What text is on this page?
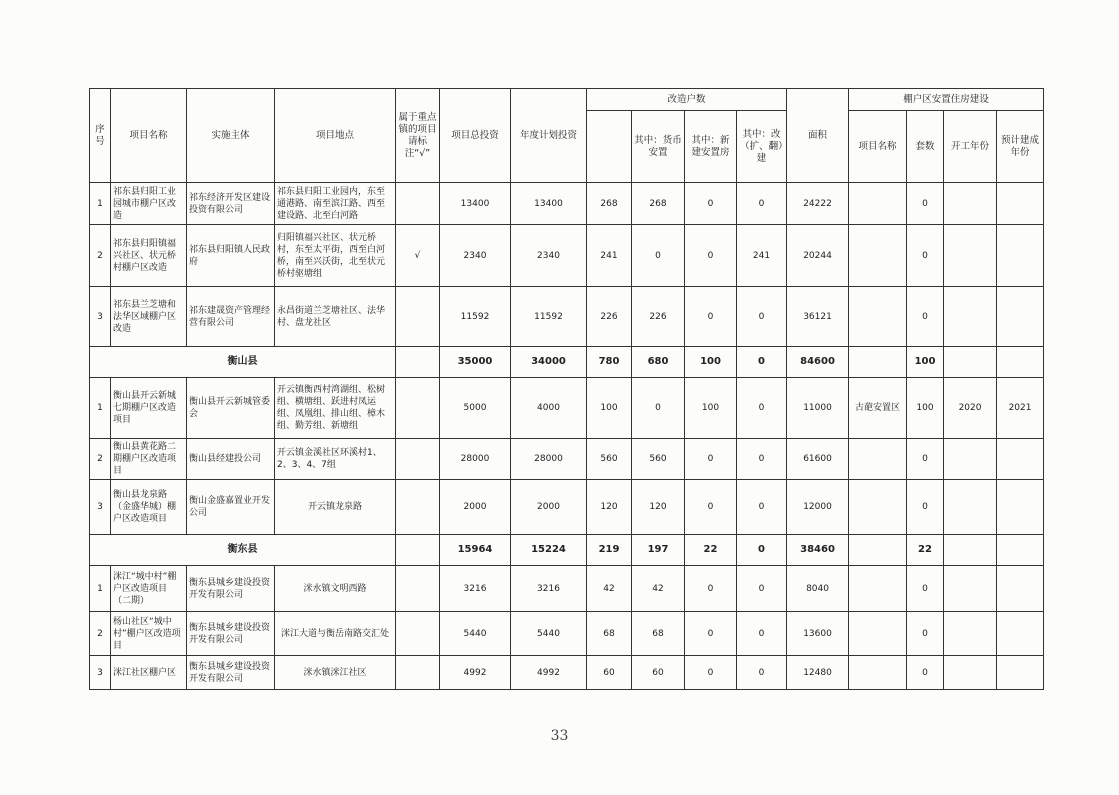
序号	项目名称	实施主体	项目地点	属于重点镇的项目请标注“√”	项目总投资	年度计划投资	改造户数				面积	棚户区安置住房建设			
								其中：货币安置	其中：新建安置房	其中：改（扩、翻）建		项目名称	套数	开工年份	预计建成年份
1	祁东县归阳工业园城市棚户区改造	祁东经济开发区建设投资有限公司	祁东县归阳工业园内，东至通港路、南至滨江路、西至建设路、北至白河路		13400	13400	268	268	0	0	24222		0		
2	祁东县归阳镇福兴社区、状元桥村棚户区改造	祁东县归阳镇人民政府	归阳镇福兴社区、状元桥村，东至太平街，西至白河桥，南至兴沃街，北至状元桥村驱塘组	√	2340	2340	241	0	0	241	20244		0		
3	祁东县兰芝塘和法华区域棚户区改造	祁东建晟资产管理经营有限公司	永昌街道兰芝塘社区、法华村、盘龙社区		11592	11592	226	226	0	0	36121		0		
衡山县					35000	34000	780	680	100	0	84600		100		
1	衡山县开云新城七期棚户区改造项目	衡山县开云新城管委会	开云镇衡西村湾湖组、松树组、横塘组、跃进村凤运组、凤凰组、排山组、樟木组、勤芳组、新塘组		5000	4000	100	0	100	0	11000	古葩安置区	100	2020	2021
2	衡山县黄花路二期棚户区改造项目	衡山县经建投公司	开云镇金溪社区环溪村1、2、3、4、7组		28000	28000	560	560	0	0	61600		0		
3	衡山县龙泉路（金盛华城）棚户区改造项目	衡山金盛嘉置业开发公司	开云镇龙泉路		2000	2000	120	120	0	0	12000		0		
衡东县					15964	15224	219	197	22	0	38460		22		
1	洣江“城中村”棚户区改造项目（二期）	衡东县城乡建设投资开发有限公司	洣水镇文明西路		3216	3216	42	42	0	0	8040		0		
2	杨山社区“城中村”棚户区改造项目	衡东县城乡建设投资开发有限公司	洣江大道与衡岳南路交汇处		5440	5440	68	68	0	0	13600		0		
3	洣江社区棚户区	衡东县城乡建设投资开发有限公司	洣水镇洣江社区		4992	4992	60	60	0	0	12480		0		
33
